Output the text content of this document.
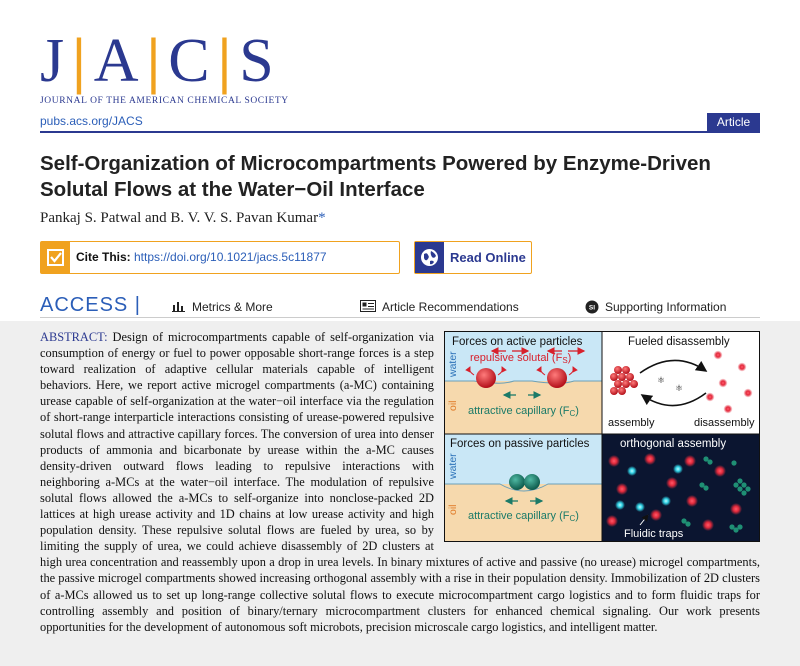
J|A|C|S
JOURNAL OF THE AMERICAN CHEMICAL SOCIETY
pubs.acs.org/JACS	Article
Self-Organization of Microcompartments Powered by Enzyme-Driven Solutal Flows at the Water−Oil Interface
Pankaj S. Patwal and B. V. V. S. Pavan Kumar*
Cite This: https://doi.org/10.1021/jacs.5c11877	Read Online
ACCESS |	Metrics & More	Article Recommendations	SI Supporting Information
Forces on active particles
repulsive solutal (FS)
water
oil attractive capillary (FC)
Fueled disassembly
⚛
⚛
assembly	disassembly
Forces on passive particles
water
oil
attractive capillary (FC)
orthogonal assembly
Fluidic traps
ABSTRACT: Design of microcompartments capable of self-organization via consumption of energy or fuel to power opposable short-range forces is a step toward realization of adaptive cellular materials capable of intelligent behaviors. Here, we report active microgel compartments (a-MC) containing urease capable of self-organization at the water−oil interface via the regulation of short-range interparticle interactions consisting of urease-powered repulsive solutal flows and attractive capillary forces. The conversion of urea into denser products of ammonia and bicarbonate by urease within the a-MC causes density-driven outward flows leading to repulsive interactions with neighboring a-MCs at the water−oil interface. The modulation of repulsive solutal flows allowed the a-MCs to self-organize into nonclose-packed 2D lattices at high urease activity and 1D chains at low urease activity and high population density. These repulsive solutal flows are fueled by urea, so by limiting the supply of urea, we could achieve disassembly of 2D clusters at high urea concentration and reassembly upon a drop in urea levels. In binary mixtures of active and passive (no urease) microgel compartments, the passive microgel compartments showed increasing orthogonal assembly with a rise in their population density. Immobilization of 2D clusters of a-MCs allowed us to set up long-range collective solutal flows to execute microcompartment cargo logistics and to form fluidic traps for controlling assembly and position of binary/ternary microcompartment clusters for enhanced chemical signaling. Our work presents opportunities for the development of autonomous soft microbots, precision microscale cargo logistics, and intelligent matter.
